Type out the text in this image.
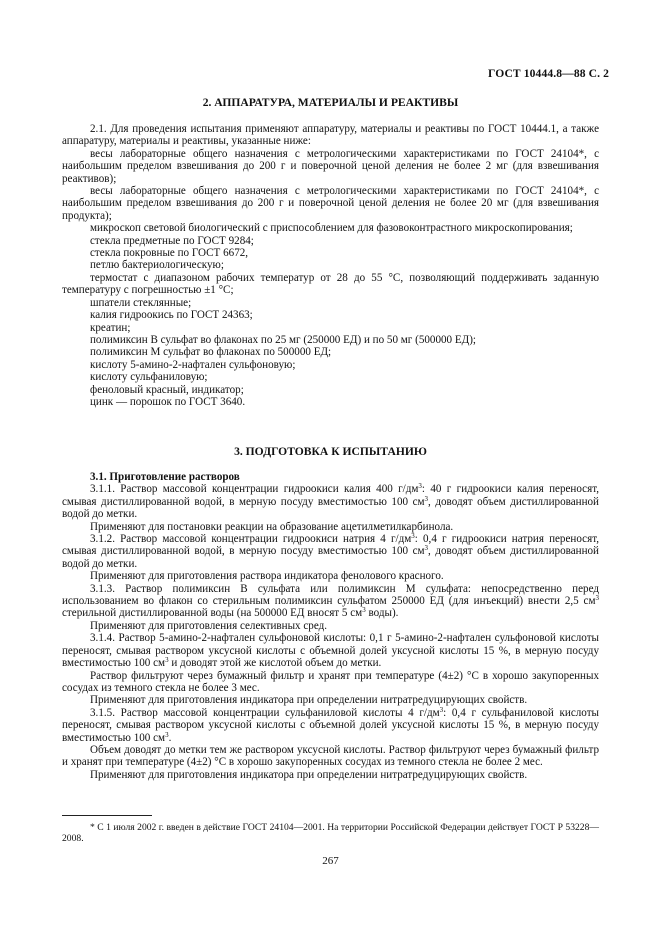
ГОСТ 10444.8—88 С. 2
2. АППАРАТУРА, МАТЕРИАЛЫ И РЕАКТИВЫ

2.1. Для проведения испытания применяют аппаратуру, материалы и реактивы по ГОСТ 10444.1, а также аппаратуру, материалы и реактивы, указанные ниже:

весы лабораторные общего назначения с метрологическими характеристиками по ГОСТ 24104*, с наибольшим пределом взвешивания до 200 г и поверочной ценой деления не более 2 мг (для взвешивания реактивов);

весы лабораторные общего назначения с метрологическими характеристиками по ГОСТ 24104*, с наибольшим пределом взвешивания до 200 г и поверочной ценой деления не более 20 мг (для взвешивания продукта);

микроскоп световой биологический с приспособлением для фазовоконтрастного микроскопирования;

стекла предметные по ГОСТ 9284;

стекла покровные по ГОСТ 6672,

петлю бактериологическую;

термостат с диапазоном рабочих температур от 28 до 55 °С, позволяющий поддерживать заданную температуру с погрешностью ±1 °С;

шпатели стеклянные;

калия гидроокись по ГОСТ 24363;

креатин;

полимиксин В сульфат во флаконах по 25 мг (250000 ЕД) и по 50 мг (500000 ЕД);

полимиксин М сульфат во флаконах по 500000 ЕД;

кислоту 5-амино-2-нафтален сульфоновую;

кислоту сульфаниловую;

феноловый красный, индикатор;

цинк — порошок по ГОСТ 3640.

3. ПОДГОТОВКА К ИСПЫТАНИЮ

3.1. Приготовление растворов

3.1.1. Раствор массовой концентрации гидроокиси калия 400 $г/дм^3$: 40 г гидроокиси калия переносят, смывая дистиллированной водой, в мерную посуду вместимостью 100 $см^3$, доводят объем дистиллированной водой до метки.

Применяют для постановки реакции на образование ацетилметилкарбинола.

3.1.2. Раствор массовой концентрации гидроокиси натрия 4 $г/дм^3$: 0,4 г гидроокиси натрия переносят, смывая дистиллированной водой, в мерную посуду вместимостью 100 $см^3$, доводят объем дистиллированной водой до метки.

Применяют для приготовления раствора индикатора фенолового красного.

3.1.3. Раствор полимиксин В сульфата или полимиксин М сульфата: непосредственно перед использованием во флакон со стерильным полимиксин сульфатом 250000 ЕД (для инъекций) внести 2,5 $см^3$ стерильной дистиллированной воды (на 500000 ЕД вносят 5 $см^3$ воды).

Применяют для приготовления селективных сред.

3.1.4. Раствор 5-амино-2-нафтален сульфоновой кислоты: 0,1 г 5-амино-2-нафтален сульфоновой кислоты переносят, смывая раствором уксусной кислоты с объемной долей уксусной кислоты 15 %, в мерную посуду вместимостью 100 $см^3$ и доводят этой же кислотой объем до метки.

Раствор фильтруют через бумажный фильтр и хранят при температуре (4±2) °С в хорошо закупоренных сосудах из темного стекла не более 3 мес.

Применяют для приготовления индикатора при определении нитратредуцирующих свойств.

3.1.5. Раствор массовой концентрации сульфаниловой кислоты 4 $г/дм^3$: 0,4 г сульфаниловой кислоты переносят, смывая раствором уксусной кислоты с объемной долей уксусной кислоты 15 %, в мерную посуду вместимостью 100 $см^3$.

Объем доводят до метки тем же раствором уксусной кислоты. Раствор фильтруют через бумажный фильтр и хранят при температуре (4±2) °С в хорошо закупоренных сосудах из темного стекла не более 2 мес.

Применяют для приготовления индикатора при определении нитратредуцирующих свойств.

* С 1 июля 2002 г. введен в действие ГОСТ 24104—2001. На территории Российской Федерации действует ГОСТ Р 53228—2008.

267
